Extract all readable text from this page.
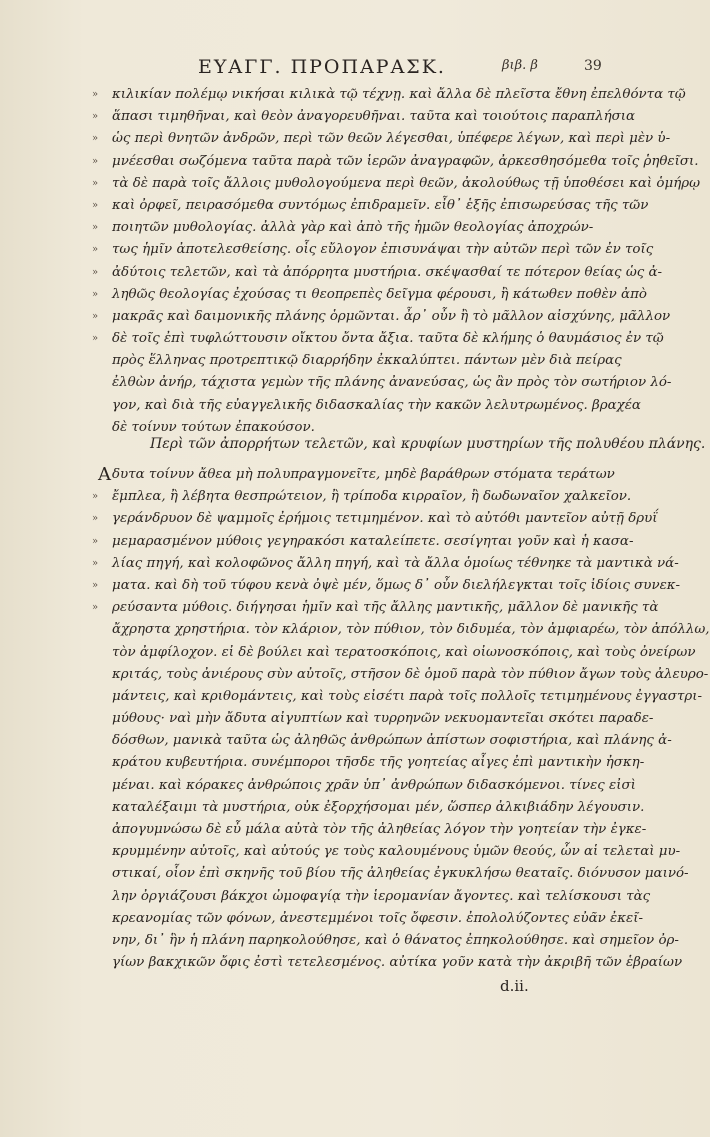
ΕΥΑΓΓ. ΠΡΟΠΑΡΑΣΚ.	βιβ. β	39
» κιλικίαν πολέμῳ νικήσαι κιλικὰ τῷ τέχνῃ. καὶ ἄλλα δὲ πλεῖστα ἔθνη ἐπελθόντα τῷ
» ἅπασι τιμηθῆναι, καὶ θεὸν ἀναγορευθῆναι. ταῦτα καὶ τοιούτοις παραπλήσια
» ὡς περὶ θνητῶν ἀνδρῶν, περὶ τῶν θεῶν λέγεσθαι, ὑπέφερε λέγων, καὶ περὶ μὲν ὑ-
» μνέεσθαι σωζόμενα ταῦτα παρὰ τῶν ἱερῶν ἀναγραφῶν, ἀρκεσθησόμεθα τοῖς ῥηθεῖσι.
» τὰ δὲ παρὰ τοῖς ἄλλοις μυθολογούμενα περὶ θεῶν, ἀκολούθως τῇ ὑποθέσει καὶ ὁμήρῳ
» καὶ ὀρφεῖ, πειρασόμεθα συντόμως ἐπιδραμεῖν. εἶθ᾽ ἑξῆς ἐπισωρεύσας τῆς τῶν
» ποιητῶν μυθολογίας. ἀλλὰ γὰρ καὶ ἀπὸ τῆς ἡμῶν θεολογίας ἀποχρών-
» τως ἡμῖν ἀποτελεσθείσης. οἷς εὔλογον ἐπισυνάψαι τὴν αὐτῶν περὶ τῶν ἐν τοῖς
» ἀδύτοις τελετῶν, καὶ τὰ ἀπόρρητα μυστήρια. σκέψασθαί τε πότερον θείας ὡς ἀ-
» ληθῶς θεολογίας ἐχούσας τι θεοπρεπὲς δεῖγμα φέρουσι, ἢ κάτωθεν ποθὲν ἀπὸ
» μακρᾶς καὶ δαιμονικῆς πλάνης ὁρμῶνται. ἆρ᾽ οὖν ἢ τὸ μᾶλλον αἰσχύνης, μᾶλλον
» δὲ τοῖς ἐπὶ τυφλώττουσιν οἴκτου ὄντα ἄξια. ταῦτα δὲ κλήμης ὁ θαυμάσιος ἐν τῷ
πρὸς ἕλληνας προτρεπτικῷ διαρρήδην ἐκκαλύπτει. πάντων μὲν διὰ πείρας
ἐλθὼν ἀνήρ, τάχιστα γεμὼν τῆς πλάνης ἀνανεύσας, ὡς ἂν πρὸς τὸν σωτήριον λό-
γον, καὶ διὰ τῆς εὐαγγελικῆς διδασκαλίας τὴν κακῶν λελυτρωμένος. βραχέα
δὲ τοίνυν τούτων ἐπακούσον.
Περὶ τῶν ἀπορρήτων τελετῶν, καὶ κρυφίων μυστηρίων τῆς πολυθέου πλάνης.
Α δυτα τοίνυν ἄθεα μὴ πολυπραγμονεῖτε, μηδὲ βαράθρων στόματα τεράτων
» ἔμπλεα, ἢ λέβητα θεσπρώτειον, ἢ τρίποδα κιρραῖον, ἢ δωδωναῖον χαλκεῖον.
» γεράνδρυον δὲ ψαμμοῖς ἐρήμοις τετιμημένον. καὶ τὸ αὐτόθι μαντεῖον αὐτῇ δρυΐ
» μεμαρασμένον μύθοις γεγηρακόσι καταλείπετε. σεσίγηται γοῦν καὶ ἡ κασα-
» λίας πηγή, καὶ κολοφῶνος ἄλλη πηγή, καὶ τὰ ἄλλα ὁμοίως τέθνηκε τὰ μαντικὰ νά-
» ματα. καὶ δὴ τοῦ τύφου κενὰ ὀψὲ μέν, ὅμως δ᾽ οὖν διελήλεγκται τοῖς ἰδίοις συνεκ-
» ρεύσαντα μύθοις. διήγησαι ἡμῖν καὶ τῆς ἄλλης μαντικῆς, μᾶλλον δὲ μανικῆς τὰ
ἄχρηστα χρηστήρια. τὸν κλάριον, τὸν πύθιον, τὸν διδυμέα, τὸν ἀμφιαρέω, τὸν ἀπόλλω,
τὸν ἀμφίλοχον. εἰ δὲ βούλει καὶ τερατοσκόποις, καὶ οἰωνοσκόποις, καὶ τοὺς ὀνείρων
κριτάς, τοὺς ἀνιέρους σὺν αὐτοῖς, στῆσον δὲ ὁμοῦ παρὰ τὸν πύθιον ἄγων τοὺς ἀλευρο-
μάντεις, καὶ κριθομάντεις, καὶ τοὺς εἰσέτι παρὰ τοῖς πολλοῖς τετιμημένους ἐγγαστρι-
μύθους· ναὶ μὴν ἄδυτα αἰγυπτίων καὶ τυρρηνῶν νεκυομαντεῖαι σκότει παραδε-
δόσθων, μανικὰ ταῦτα ὡς ἀληθῶς ἀνθρώπων ἀπίστων σοφιστήρια, καὶ πλάνης ἀ-
κράτου κυβευτήρια. συνέμποροι τῆσδε τῆς γοητείας αἶγες ἐπὶ μαντικὴν ἠσκη-
μέναι. καὶ κόρακες ἀνθρώποις χρᾶν ὑπ᾽ ἀνθρώπων διδασκόμενοι. τίνες εἰσὶ
καταλέξαιμι τὰ μυστήρια, οὐκ ἐξορχήσομαι μέν, ὥσπερ ἀλκιβιάδην λέγουσιν.
ἀπογυμνώσω δὲ εὖ μάλα αὐτὰ τὸν τῆς ἀληθείας λόγον τὴν γοητείαν τὴν ἐγκε-
κρυμμένην αὐτοῖς, καὶ αὐτούς γε τοὺς καλουμένους ὑμῶν θεούς, ὧν αἱ τελεταὶ μυ-
στικαί, οἷον ἐπὶ σκηνῆς τοῦ βίου τῆς ἀληθείας ἐγκυκλήσω θεαταῖς. διόνυσον μαινό-
λην ὀργιάζουσι βάκχοι ὠμοφαγίᾳ τὴν ἱερομανίαν ἄγοντες. καὶ τελίσκουσι τὰς
κρεανομίας τῶν φόνων, ἀνεστεμμένοι τοῖς ὄφεσιν. ἐπολολύζοντες εὐᾶν ἐκεῖ-
νην, δι᾽ ἣν ἡ πλάνη παρηκολούθησε, καὶ ὁ θάνατος ἐπηκολούθησε. καὶ σημεῖον ὀρ-
γίων βακχικῶν ὄφις ἐστὶ τετελεσμένος. αὐτίκα γοῦν κατὰ τὴν ἀκριβῆ τῶν ἑβραίων
d.ii.
